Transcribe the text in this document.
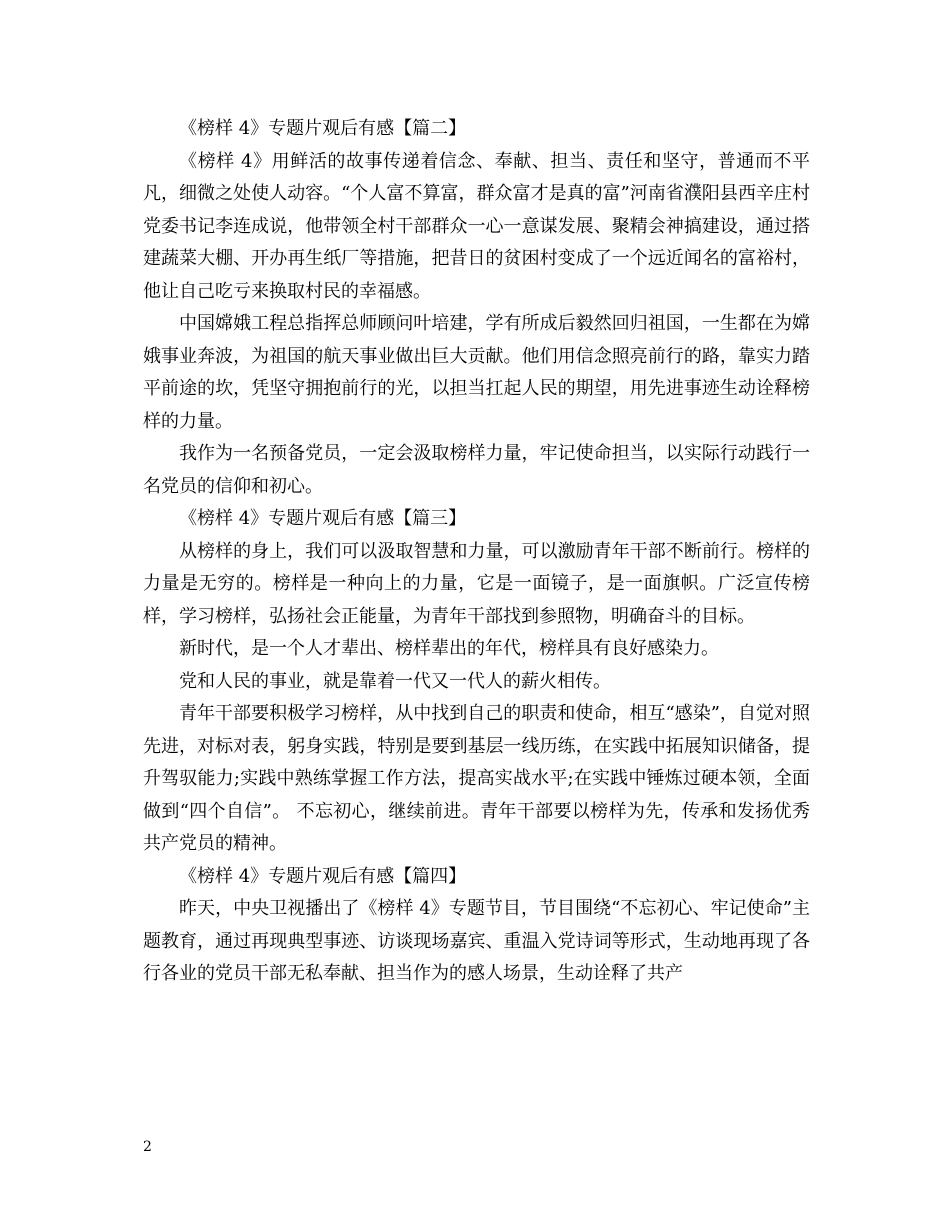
《榜样 4》专题片观后有感【篇二】

《榜样 4》用鲜活的故事传递着信念、奉献、担当、责任和坚守，普通而不平凡，细微之处使人动容。“个人富不算富，群众富才是真的富”河南省濮阳县西辛庄村党委书记李连成说，他带领全村干部群众一心一意谋发展、聚精会神搞建设，通过搭建蔬菜大棚、开办再生纸厂等措施，把昔日的贫困村变成了一个远近闻名的富裕村，他让自己吃亏来换取村民的幸福感。

中国嫦娥工程总指挥总师顾问叶培建，学有所成后毅然回归祖国，一生都在为嫦娥事业奔波，为祖国的航天事业做出巨大贡献。他们用信念照亮前行的路，靠实力踏平前途的坎，凭坚守拥抱前行的光，以担当扛起人民的期望，用先进事迹生动诠释榜样的力量。

我作为一名预备党员，一定会汲取榜样力量，牢记使命担当，以实际行动践行一名党员的信仰和初心。

《榜样 4》专题片观后有感【篇三】

从榜样的身上，我们可以汲取智慧和力量，可以激励青年干部不断前行。榜样的力量是无穷的。榜样是一种向上的力量，它是一面镜子，是一面旗帜。广泛宣传榜样，学习榜样，弘扬社会正能量，为青年干部找到参照物，明确奋斗的目标。

新时代，是一个人才辈出、榜样辈出的年代，榜样具有良好感染力。

党和人民的事业，就是靠着一代又一代人的薪火相传。

青年干部要积极学习榜样，从中找到自己的职责和使命，相互“感染”，自觉对照先进，对标对表，躬身实践，特别是要到基层一线历练，在实践中拓展知识储备，提升驾驭能力;实践中熟练掌握工作方法，提高实战水平;在实践中锤炼过硬本领，全面做到“四个自信”。 不忘初心，继续前进。青年干部要以榜样为先，传承和发扬优秀共产党员的精神。

《榜样 4》专题片观后有感【篇四】

昨天，中央卫视播出了《榜样 4》专题节目，节目围绕“不忘初心、牢记使命”主题教育，通过再现典型事迹、访谈现场嘉宾、重温入党诗词等形式，生动地再现了各行各业的党员干部无私奉献、担当作为的感人场景，生动诠释了共产

2
